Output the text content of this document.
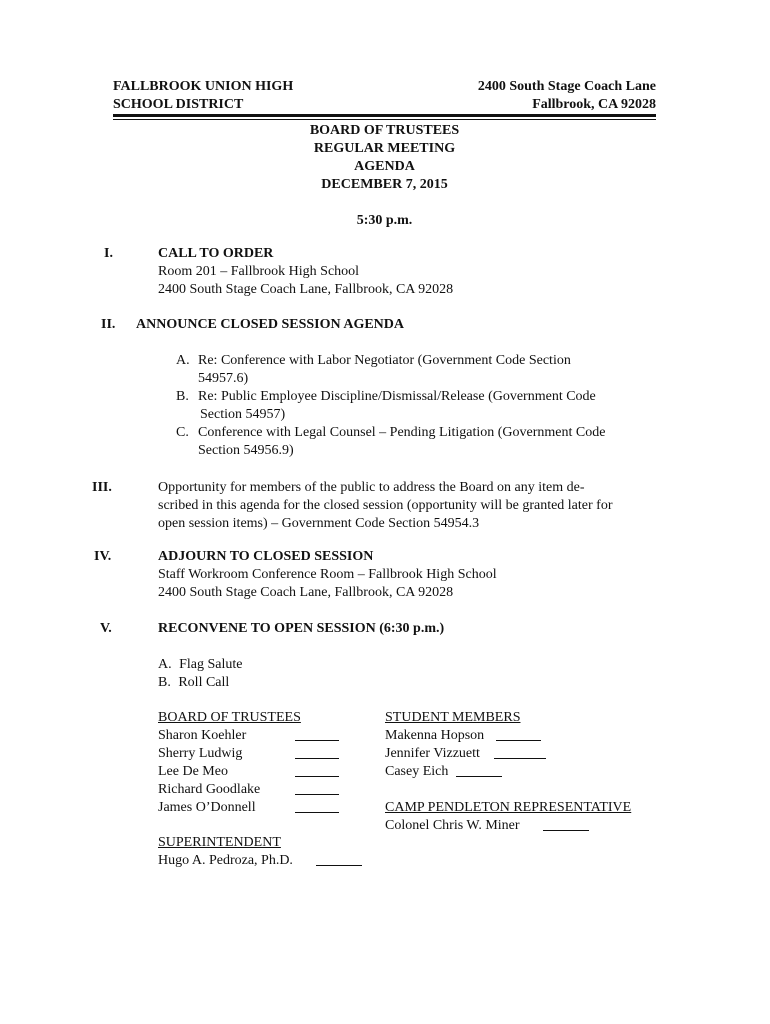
FALLBROOK UNION HIGH
SCHOOL DISTRICT
2400 South Stage Coach Lane
Fallbrook, CA 92028
BOARD OF TRUSTEES
REGULAR MEETING
AGENDA
DECEMBER 7, 2015
5:30 p.m.
I.	CALL TO ORDER
Room 201 – Fallbrook High School
2400 South Stage Coach Lane, Fallbrook, CA 92028
II. ANNOUNCE CLOSED SESSION AGENDA
A. Re: Conference with Labor Negotiator (Government Code Section
54957.6)
B. Re: Public Employee Discipline/Dismissal/Release (Government Code
Section 54957)
C. Conference with Legal Counsel – Pending Litigation (Government Code
Section 54956.9)
III.	Opportunity for members of the public to address the Board on any item de-
scribed in this agenda for the closed session (opportunity will be granted later for
open session items) – Government Code Section 54954.3
IV.	ADJOURN TO CLOSED SESSION
Staff Workroom Conference Room – Fallbrook High School
2400 South Stage Coach Lane, Fallbrook, CA 92028
V.	RECONVENE TO OPEN SESSION (6:30 p.m.)
A. Flag Salute
B. Roll Call
BOARD OF TRUSTEES
Sharon Koehler
Sherry Ludwig
Lee De Meo
Richard Goodlake
James O’Donnell
SUPERINTENDENT
Hugo A. Pedroza, Ph.D.
STUDENT MEMBERS
Makenna Hopson
Jennifer Vizzuett
Casey Eich
CAMP PENDLETON REPRESENTATIVE
Colonel Chris W. Miner
